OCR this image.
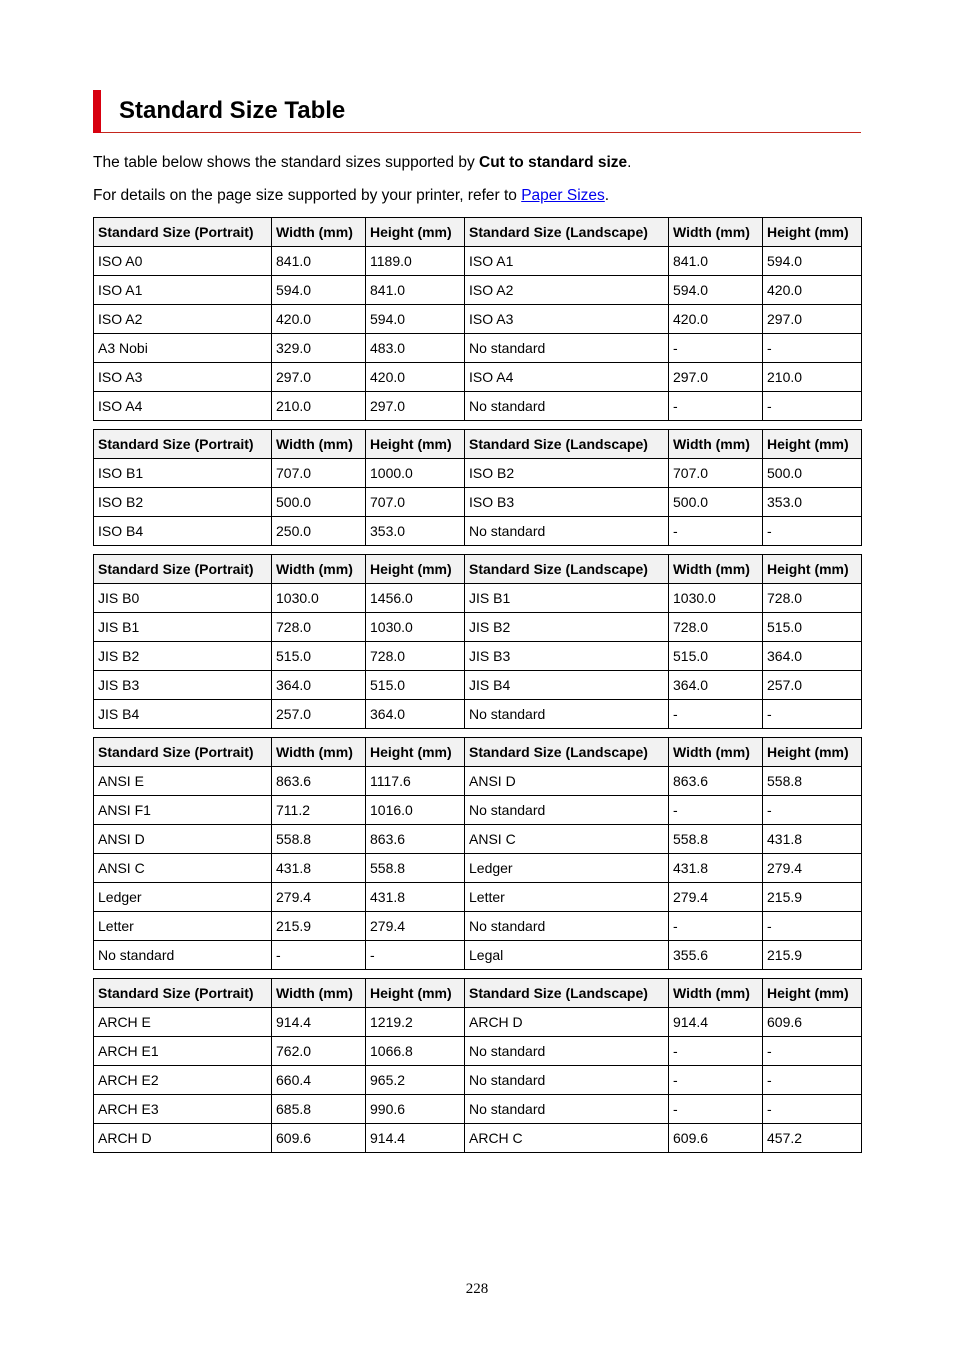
Standard Size Table

The table below shows the standard sizes supported by Cut to standard size.

For details on the page size supported by your printer, refer to Paper Sizes.

Standard Size (Portrait)	Width (mm)	Height (mm)	Standard Size (Landscape)	Width (mm)	Height (mm)
ISO A0	841.0	1189.0	ISO A1	841.0	594.0
ISO A1	594.0	841.0	ISO A2	594.0	420.0
ISO A2	420.0	594.0	ISO A3	420.0	297.0
A3 Nobi	329.0	483.0	No standard	-	-
ISO A3	297.0	420.0	ISO A4	297.0	210.0
ISO A4	210.0	297.0	No standard	-	-
Standard Size (Portrait)	Width (mm)	Height (mm)	Standard Size (Landscape)	Width (mm)	Height (mm)
ISO B1	707.0	1000.0	ISO B2	707.0	500.0
ISO B2	500.0	707.0	ISO B3	500.0	353.0
ISO B4	250.0	353.0	No standard	-	-
Standard Size (Portrait)	Width (mm)	Height (mm)	Standard Size (Landscape)	Width (mm)	Height (mm)
JIS B0	1030.0	1456.0	JIS B1	1030.0	728.0
JIS B1	728.0	1030.0	JIS B2	728.0	515.0
JIS B2	515.0	728.0	JIS B3	515.0	364.0
JIS B3	364.0	515.0	JIS B4	364.0	257.0
JIS B4	257.0	364.0	No standard	-	-
Standard Size (Portrait)	Width (mm)	Height (mm)	Standard Size (Landscape)	Width (mm)	Height (mm)
ANSI E	863.6	1117.6	ANSI D	863.6	558.8
ANSI F1	711.2	1016.0	No standard	-	-
ANSI D	558.8	863.6	ANSI C	558.8	431.8
ANSI C	431.8	558.8	Ledger	431.8	279.4
Ledger	279.4	431.8	Letter	279.4	215.9
Letter	215.9	279.4	No standard	-	-
No standard	-	-	Legal	355.6	215.9
Standard Size (Portrait)	Width (mm)	Height (mm)	Standard Size (Landscape)	Width (mm)	Height (mm)
ARCH E	914.4	1219.2	ARCH D	914.4	609.6
ARCH E1	762.0	1066.8	No standard	-	-
ARCH E2	660.4	965.2	No standard	-	-
ARCH E3	685.8	990.6	No standard	-	-
ARCH D	609.6	914.4	ARCH C	609.6	457.2
228
